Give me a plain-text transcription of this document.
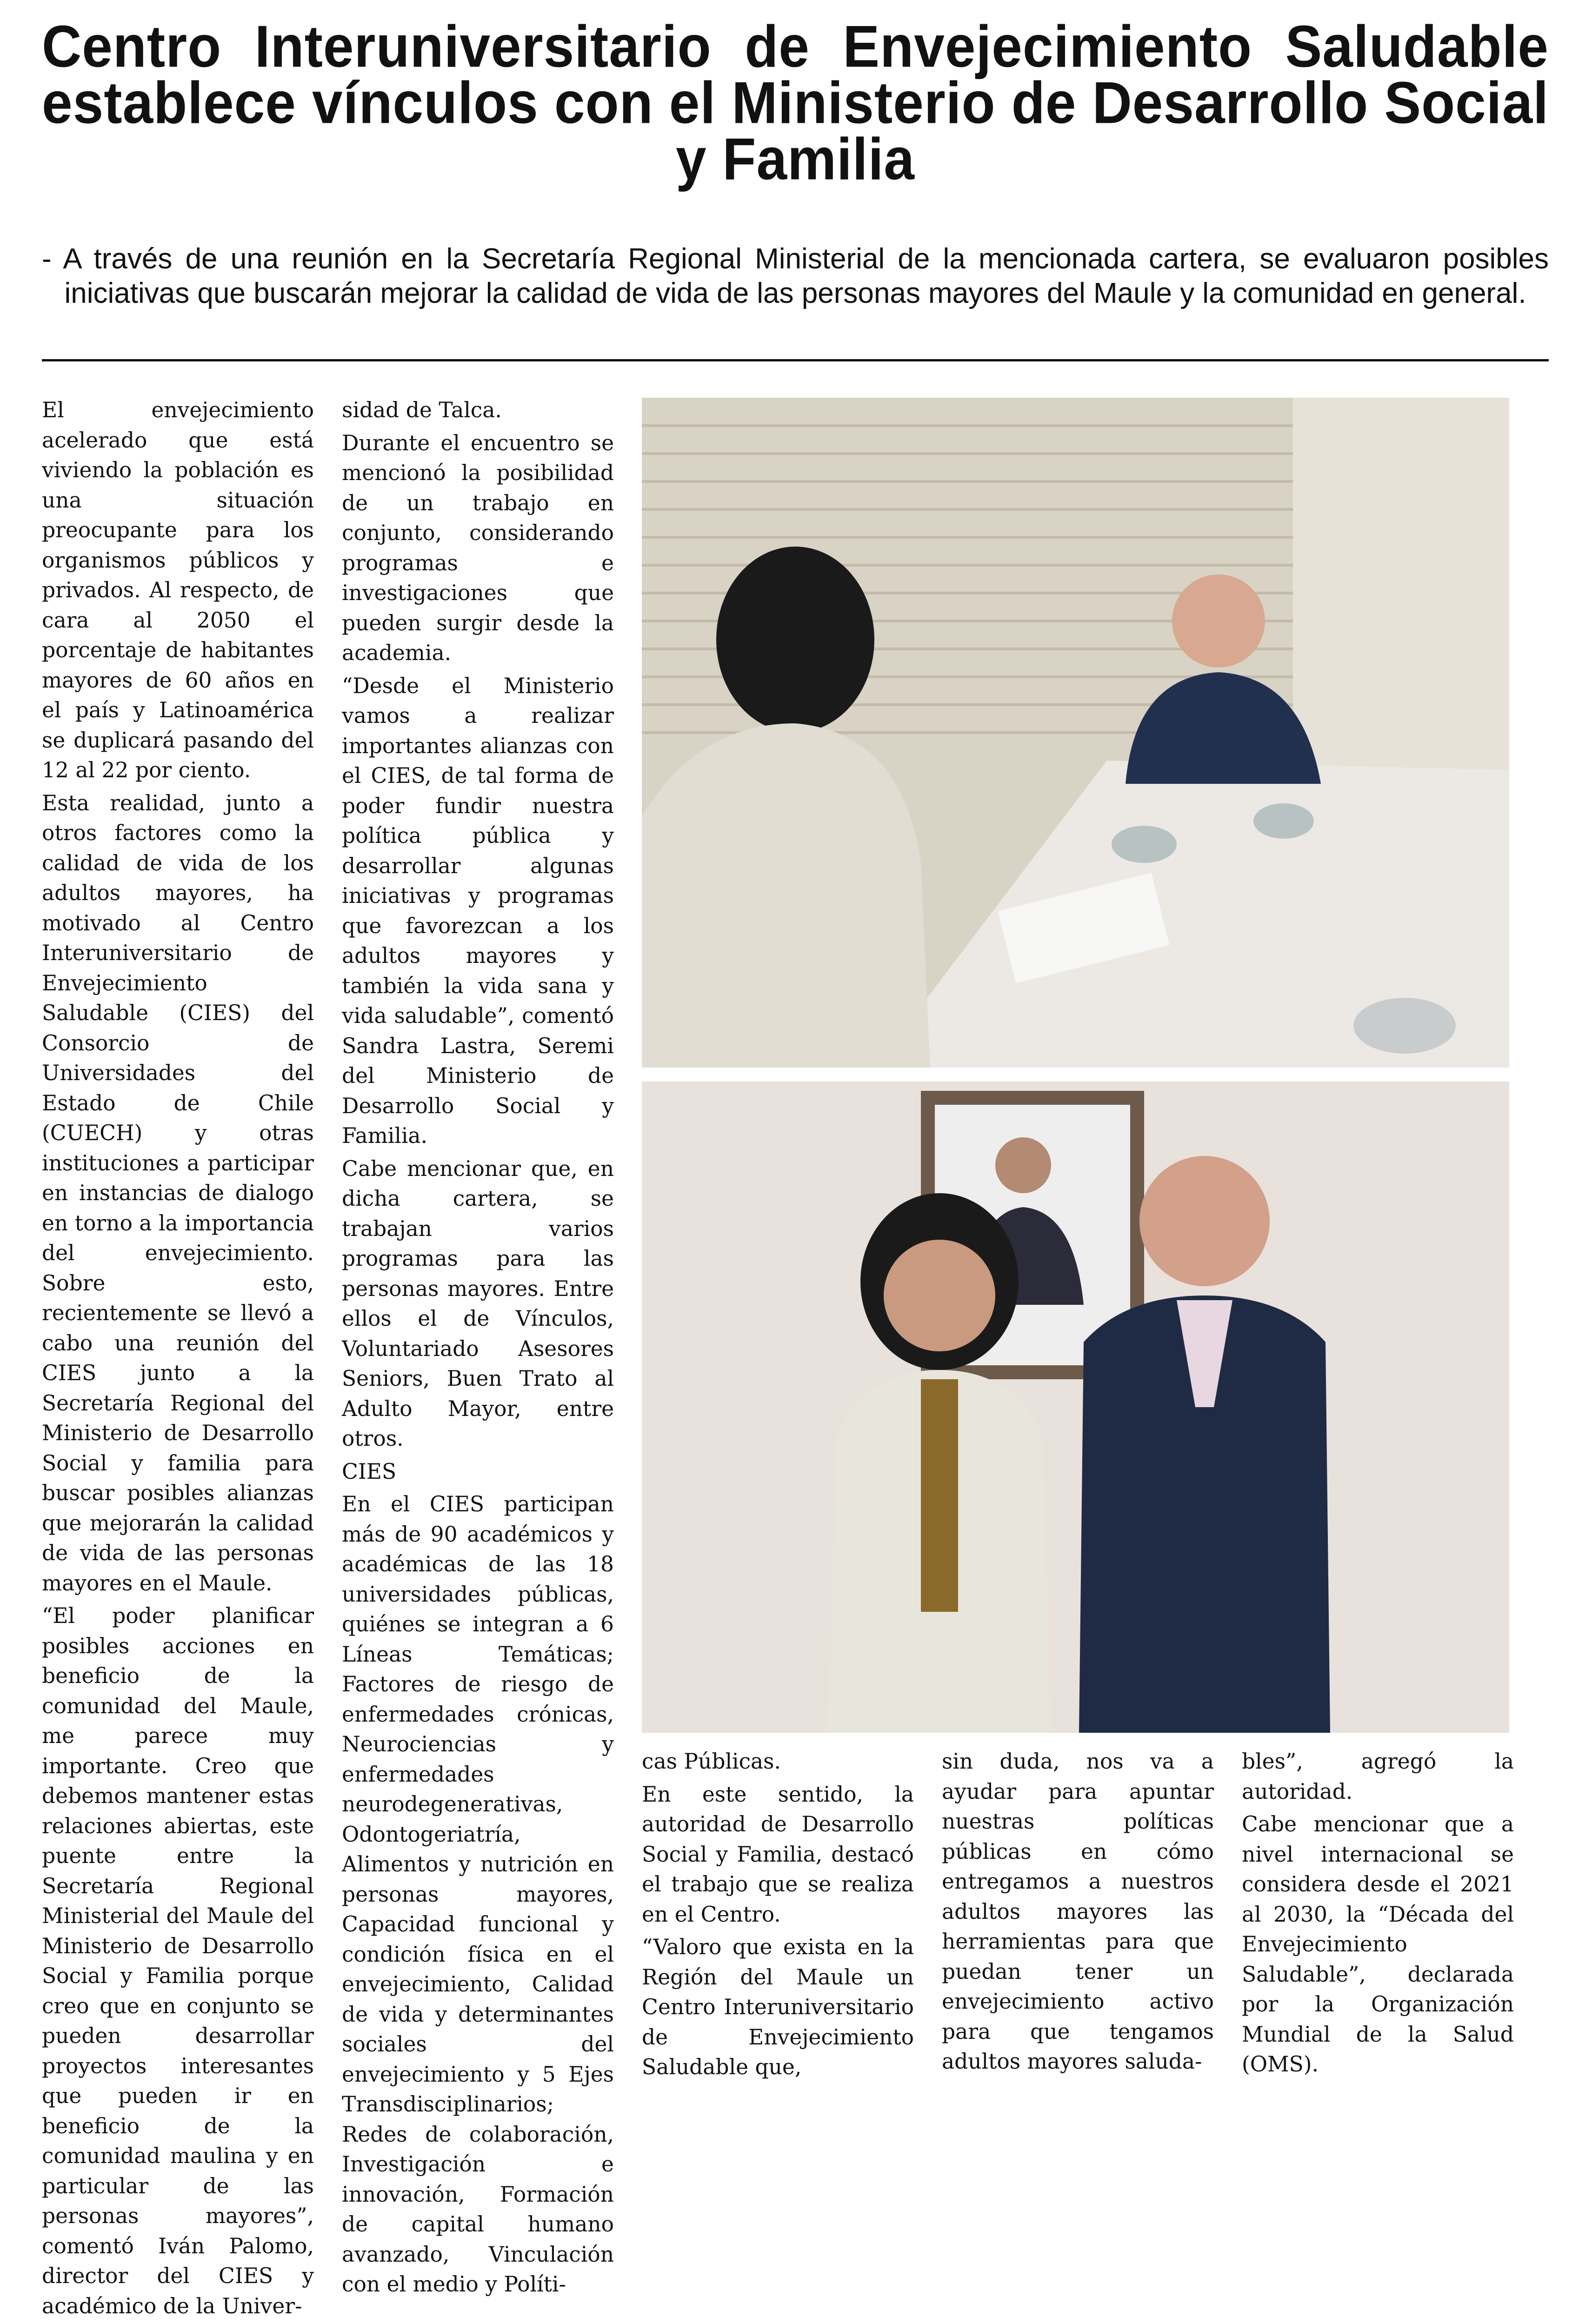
Centro Interuniversitario de Envejecimiento Saludable establece vínculos con el Ministerio de Desarrollo Social y Familia

- A través de una reunión en la Secretaría Regional Ministerial de la mencionada cartera, se evaluaron posibles iniciativas que buscarán mejorar la calidad de vida de las personas mayores del Maule y la comunidad en general.

El envejecimiento acelerado que está viviendo la población es una situación preocupante para los organismos públicos y privados. Al respecto, de cara al 2050 el porcentaje de habitantes mayores de 60 años en el país y Latinoamérica se duplicará pasando del 12 al 22 por ciento.

Esta realidad, junto a otros factores como la calidad de vida de los adultos mayores, ha motivado al Centro Interuniversitario de Envejecimiento Saludable (CIES) del Consorcio de Universidades del Estado de Chile (CUECH) y otras instituciones a participar en instancias de dialogo en torno a la importancia del envejecimiento. Sobre esto, recientemente se llevó a cabo una reunión del CIES junto a la Secretaría Regional del Ministerio de Desarrollo Social y familia para buscar posibles alianzas que mejorarán la calidad de vida de las personas mayores en el Maule.

“El poder planificar posibles acciones en beneficio de la comunidad del Maule, me parece muy importante. Creo que debemos mantener estas relaciones abiertas, este puente entre la Secretaría Regional Ministerial del Maule del Ministerio de Desarrollo Social y Familia porque creo que en conjunto se pueden desarrollar proyectos interesantes que pueden ir en beneficio de la comunidad maulina y en particular de las personas mayores”, comentó Iván Palomo, director del CIES y académico de la Univer-

sidad de Talca.

Durante el encuentro se mencionó la posibilidad de un trabajo en conjunto, considerando programas e investigaciones que pueden surgir desde la academia.

“Desde el Ministerio vamos a realizar importantes alianzas con el CIES, de tal forma de poder fundir nuestra política pública y desarrollar algunas iniciativas y programas que favorezcan a los adultos mayores y también la vida sana y vida saludable”, comentó Sandra Lastra, Seremi del Ministerio de Desarrollo Social y Familia.

Cabe mencionar que, en dicha cartera, se trabajan varios programas para las personas mayores. Entre ellos el de Vínculos, Voluntariado Asesores Seniors, Buen Trato al Adulto Mayor, entre otros.

CIES

En el CIES participan más de 90 académicos y académicas de las 18 universidades públicas, quiénes se integran a 6 Líneas Temáticas; Factores de riesgo de enfermedades crónicas, Neurociencias y enfermedades neurodegenerativas, Odontogeriatría, Alimentos y nutrición en personas mayores, Capacidad funcional y condición física en el envejecimiento, Calidad de vida y determinantes sociales del envejecimiento y 5 Ejes Transdisciplinarios; Redes de colaboración, Investigación e innovación, Formación de capital humano avanzado, Vinculación con el medio y Políti-

cas Públicas.

En este sentido, la autoridad de Desarrollo Social y Familia, destacó el trabajo que se realiza en el Centro.

“Valoro que exista en la Región del Maule un Centro Interuniversitario de Envejecimiento Saludable que,

sin duda, nos va a ayudar para apuntar nuestras políticas públicas en cómo entregamos a nuestros adultos mayores las herramientas para que puedan tener un envejecimiento activo para que tengamos adultos mayores saluda-

bles”, agregó la autoridad.

Cabe mencionar que a nivel internacional se considera desde el 2021 al 2030, la “Década del Envejecimiento Saludable”, declarada por la Organización Mundial de la Salud (OMS).
